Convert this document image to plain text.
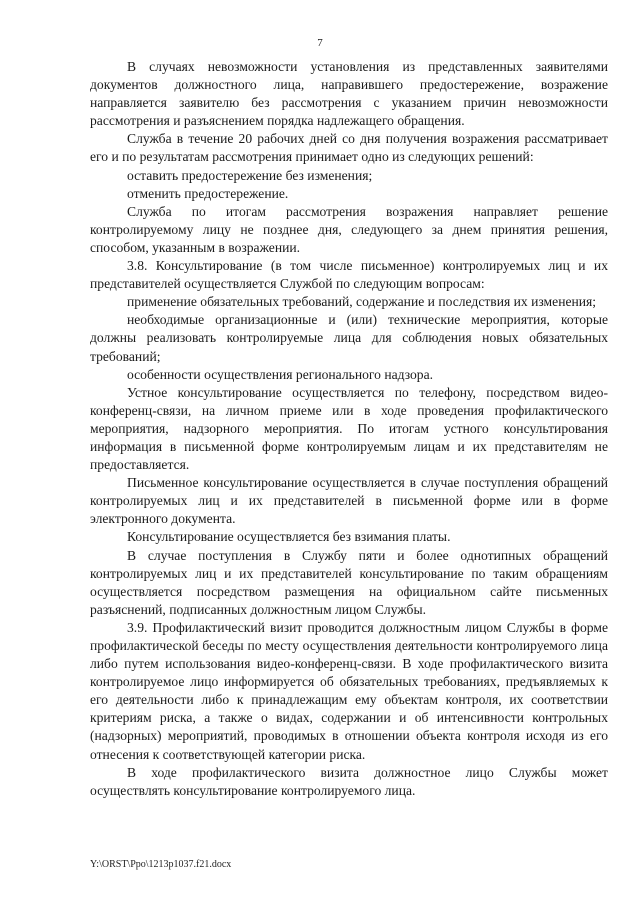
7

В случаях невозможности установления из представленных заявителями документов должностного лица, направившего предостережение, возражение направляется заявителю без рассмотрения с указанием причин невозможности рассмотрения и разъяснением порядка надлежащего обращения.

Служба в течение 20 рабочих дней со дня получения возражения рассматривает его и по результатам рассмотрения принимает одно из следующих решений:

оставить предостережение без изменения;

отменить предостережение.

Служба по итогам рассмотрения возражения направляет решение контролируемому лицу не позднее дня, следующего за днем принятия решения, способом, указанным в возражении.

3.8. Консультирование (в том числе письменное) контролируемых лиц и их представителей осуществляется Службой по следующим вопросам:

применение обязательных требований, содержание и последствия их изменения;

необходимые организационные и (или) технические мероприятия, которые должны реализовать контролируемые лица для соблюдения новых обязательных требований;

особенности осуществления регионального надзора.

Устное консультирование осуществляется по телефону, посредством видео-конференц-связи, на личном приеме или в ходе проведения профилактического мероприятия, надзорного мероприятия. По итогам устного консультирования информация в письменной форме контролируемым лицам и их представителям не предоставляется.

Письменное консультирование осуществляется в случае поступления обращений контролируемых лиц и их представителей в письменной форме или в форме электронного документа.

Консультирование осуществляется без взимания платы.

В случае поступления в Службу пяти и более однотипных обращений контролируемых лиц и их представителей консультирование по таким обращениям осуществляется посредством размещения на официальном сайте письменных разъяснений, подписанных должностным лицом Службы.

3.9. Профилактический визит проводится должностным лицом Службы в форме профилактической беседы по месту осуществления деятельности контролируемого лица либо путем использования видео-конференц-связи. В ходе профилактического визита контролируемое лицо информируется об обязательных требованиях, предъявляемых к его деятельности либо к принадлежащим ему объектам контроля, их соответствии критериям риска, а также о видах, содержании и об интенсивности контрольных (надзорных) мероприятий, проводимых в отношении объекта контроля исходя из его отнесения к соответствующей категории риска.

В ходе профилактического визита должностное лицо Службы может осуществлять консультирование контролируемого лица.

Y:\ORST\Ppo\1213p1037.f21.docx
